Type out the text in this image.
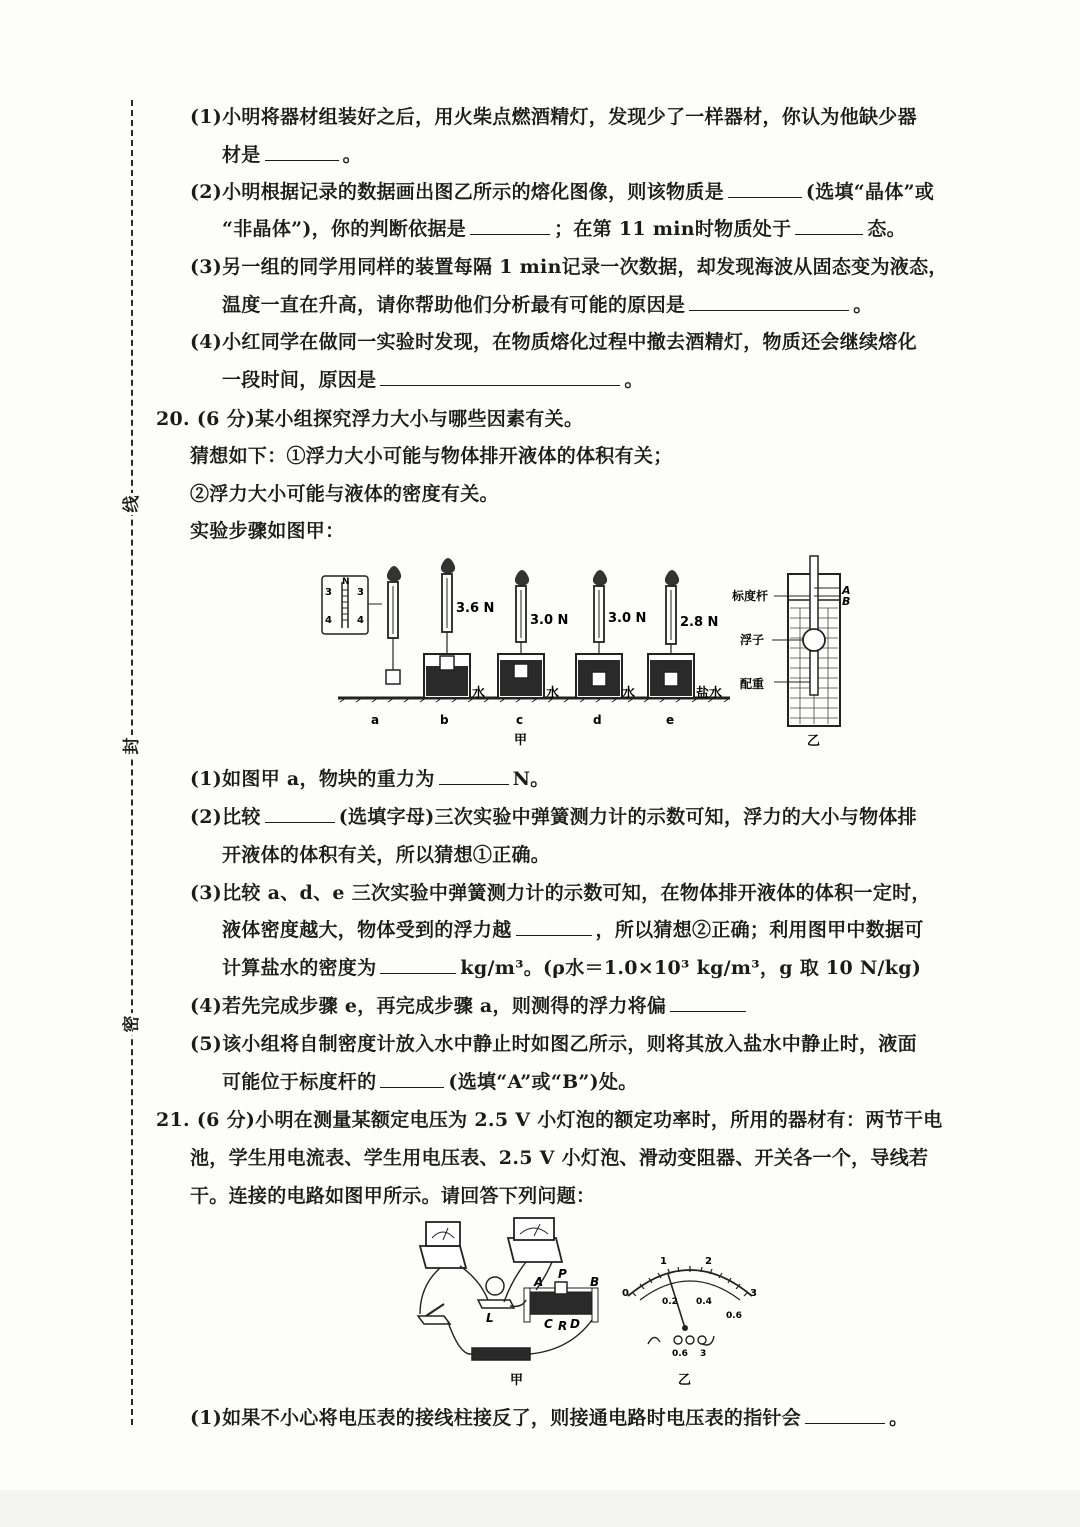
线
封
密
(1)小明将器材组装好之后，用火柴点燃酒精灯，发现少了一样器材，你认为他缺少器
材是	。
(2)小明根据记录的数据画出图乙所示的熔化图像，则该物质是	(选填“晶体”或
“非晶体”)，你的判断依据是	；在第 11 min时物质处于	态。
(3)另一组的同学用同样的装置每隔 1 min记录一次数据，却发现海波从固态变为液态，
温度一直在升高，请你帮助他们分析最有可能的原因是	。
(4)小红同学在做同一实验时发现，在物质熔化过程中撤去酒精灯，物质还会继续熔化
一段时间，原因是	。
20. (6 分)某小组探究浮力大小与哪些因素有关。
猜想如下：①浮力大小可能与物体排开液体的体积有关；
②浮力大小可能与液体的密度有关。
实验步骤如图甲：
N
3	3
4	4
3.6 N
水
3.0 N
水
3.0 N
水
2.8 N
盐水
a	b	c	d	e
甲
A
B
标度杆
浮子
配重
乙
(1)如图甲 a，物块的重力为	N。
(2)比较	(选填字母)三次实验中弹簧测力计的示数可知，浮力的大小与物体排
开液体的体积有关，所以猜想①正确。
(3)比较 a、d、e 三次实验中弹簧测力计的示数可知，在物体排开液体的体积一定时，
液体密度越大，物体受到的浮力越	，所以猜想②正确；利用图甲中数据可
计算盐水的密度为	kg/m³。(ρ水＝1.0×10³ kg/m³，g 取 10 N/kg)
(4)若先完成步骤 e，再完成步骤 a，则测得的浮力将偏
(5)该小组将自制密度计放入水中静止时如图乙所示，则将其放入盐水中静止时，液面
可能位于标度杆的	(选填“A”或“B”)处。
21. (6 分)小明在测量某额定电压为 2.5 V 小灯泡的额定功率时，所用的器材有：两节干电
池，学生用电流表、学生用电压表、2.5 V 小灯泡、滑动变阻器、开关各一个，导线若
干。连接的电路如图甲所示。请回答下列问题：
L
A
P
B
C R D
0
1	2
3
0.2 0.4
0.6
0.6 3
甲	乙
(1)如果不小心将电压表的接线柱接反了，则接通电路时电压表的指针会	。
